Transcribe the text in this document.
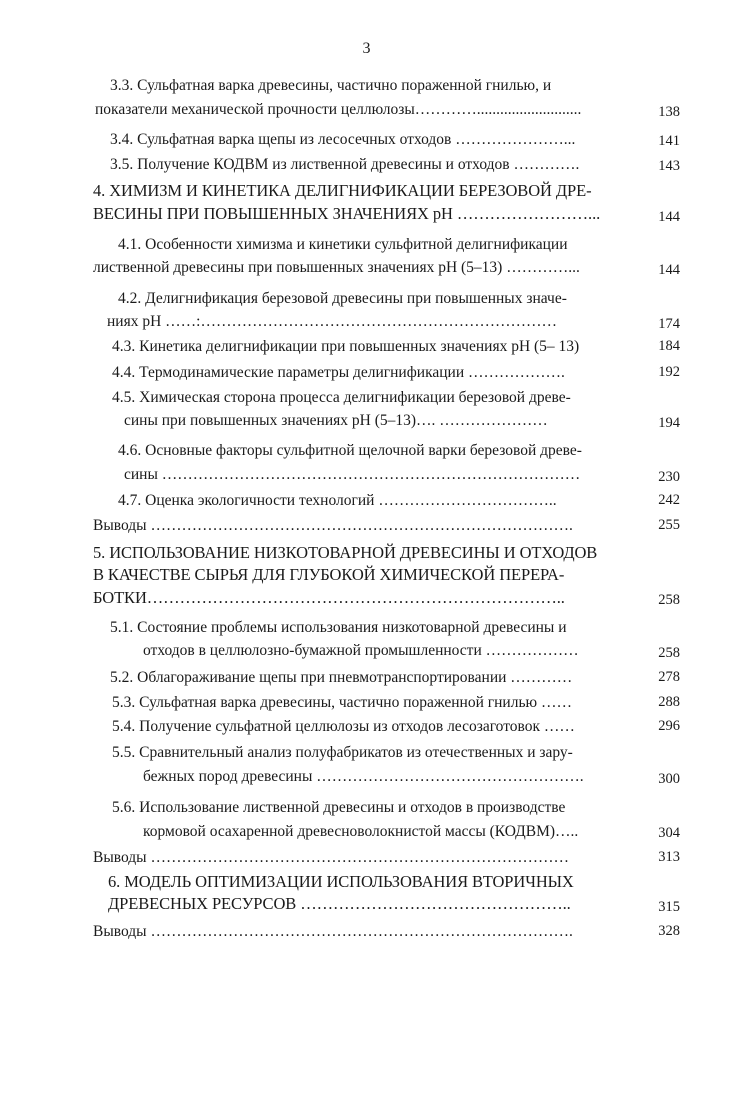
3
3.3. Сульфатная варка древесины, частично пораженной гнилью, и
показатели механической прочности целлюлозы…………...........................	138
3.4. Сульфатная варка щепы из лесосечных отходов …………………...	141
3.5. Получение КОДВМ из лиственной древесины и отходов ………….	143
4. ХИМИЗМ И КИНЕТИКА ДЕЛИГНИФИКАЦИИ БЕРЕЗОВОЙ ДРЕ-
ВЕСИНЫ ПРИ ПОВЫШЕННЫХ ЗНАЧЕНИЯХ pH ……………………...	144
4.1. Особенности химизма и кинетики сульфитной делигнификации
лиственной древесины при повышенных значениях pH (5–13) …………...	144
4.2. Делигнификация березовой древесины при повышенных значе-
ниях pH ……:……………………………………………………………	174
4.3. Кинетика делигнификации при повышенных значениях pH (5– 13)	184
4.4. Термодинамические параметры делигнификации ……………….	192
4.5. Химическая сторона процесса делигнификации березовой древе-
сины при повышенных значениях pH (5–13)…. …………………	194
4.6. Основные факторы сульфитной щелочной варки березовой древе-
сины ………………………………………………………………………	230
4.7. Оценка экологичности технологий ……………………………..	242
Выводы ……………………………………………………………………….	255
5. ИСПОЛЬЗОВАНИЕ НИЗКОТОВАРНОЙ ДРЕВЕСИНЫ И ОТХОДОВ
В КАЧЕСТВЕ СЫРЬЯ ДЛЯ ГЛУБОКОЙ ХИМИЧЕСКОЙ ПЕРЕРА-
БОТКИ…………………………………………………………………..	258
5.1. Состояние проблемы использования низкотоварной древесины и
отходов в целлюлозно-бумажной промышленности ………………	258
5.2. Облагораживание щепы при пневмотранспортировании …………	278
5.3. Сульфатная варка древесины, частично пораженной гнилью ……	288
5.4. Получение сульфатной целлюлозы из отходов лесозаготовок ……	296
5.5. Сравнительный анализ полуфабрикатов из отечественных и зару-
бежных пород древесины …………………………………………….	300
5.6. Использование лиственной древесины и отходов в производстве
кормовой осахаренной древесноволокнистой массы (КОДВМ)…..	304
Выводы ………………………………………………………………………	313
6. МОДЕЛЬ ОПТИМИЗАЦИИ ИСПОЛЬЗОВАНИЯ ВТОРИЧНЫХ
ДРЕВЕСНЫХ РЕСУРСОВ …………………………………………..	315
Выводы ……………………………………………………………………….	328
